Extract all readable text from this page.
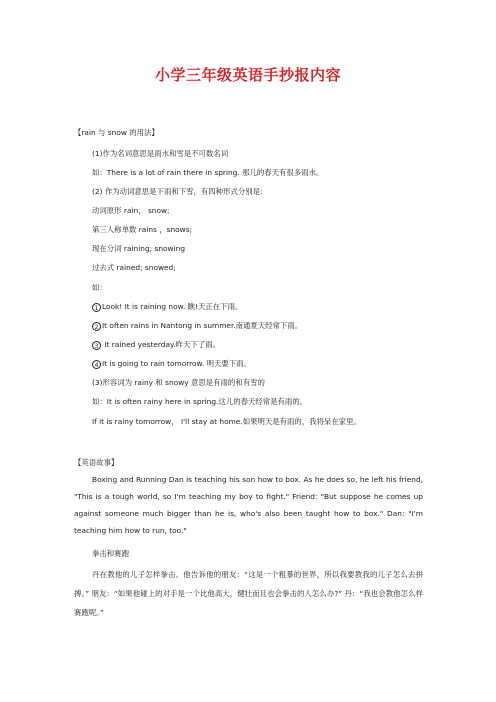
小学三年级英语手抄报内容
【rain 与 snow 的用法】
(1)作为名词意思是雨水和雪是不可数名词
如：There is a lot of rain there in spring. 那儿的春天有很多雨水。
(2) 作为动词意思是下雨和下雪，有四种形式分别是：
动词原形 rain， snow;
第三人称单数 rains ，snows;
现在分词 raining; snowing
过去式 rained; snowed;
如：
1 Look! It is raining now. 瞧!天正在下雨。
2 It often rains in Nantong in summer.南通夏天经常下雨。
3 It rained yesterday.昨天下了雨。
4 It is going to rain tomorrow. 明天要下雨。
(3)形容词为 rainy 和 snowy 意思是有雨的和有雪的
如：It is often rainy here in spring.这儿的春天经常是有雨的。
If it is rainy tomorrow， I'll stay at home.如果明天是有雨的，我将呆在家里。
【英语故事】
Boxing and Running Dan is teaching his son how to box. As he does so, he left his friend, "This is a tough world, so I'm teaching my boy to fight." Friend: "But suppose he comes up against someone much bigger than he is, who's also been taught how to box." Dan: "I'm teaching him how to run, too."
拳击和赛跑
丹在教他的儿子怎样拳击。他告诉他的朋友：“这是一个粗暴的世界，所以我要教我的儿子怎么去拼搏。” 朋友：“如果他碰上的对手是一个比他高大，健壮而且也会拳击的人怎么办?” 丹：“我也会教他怎么样赛跑呢。”
